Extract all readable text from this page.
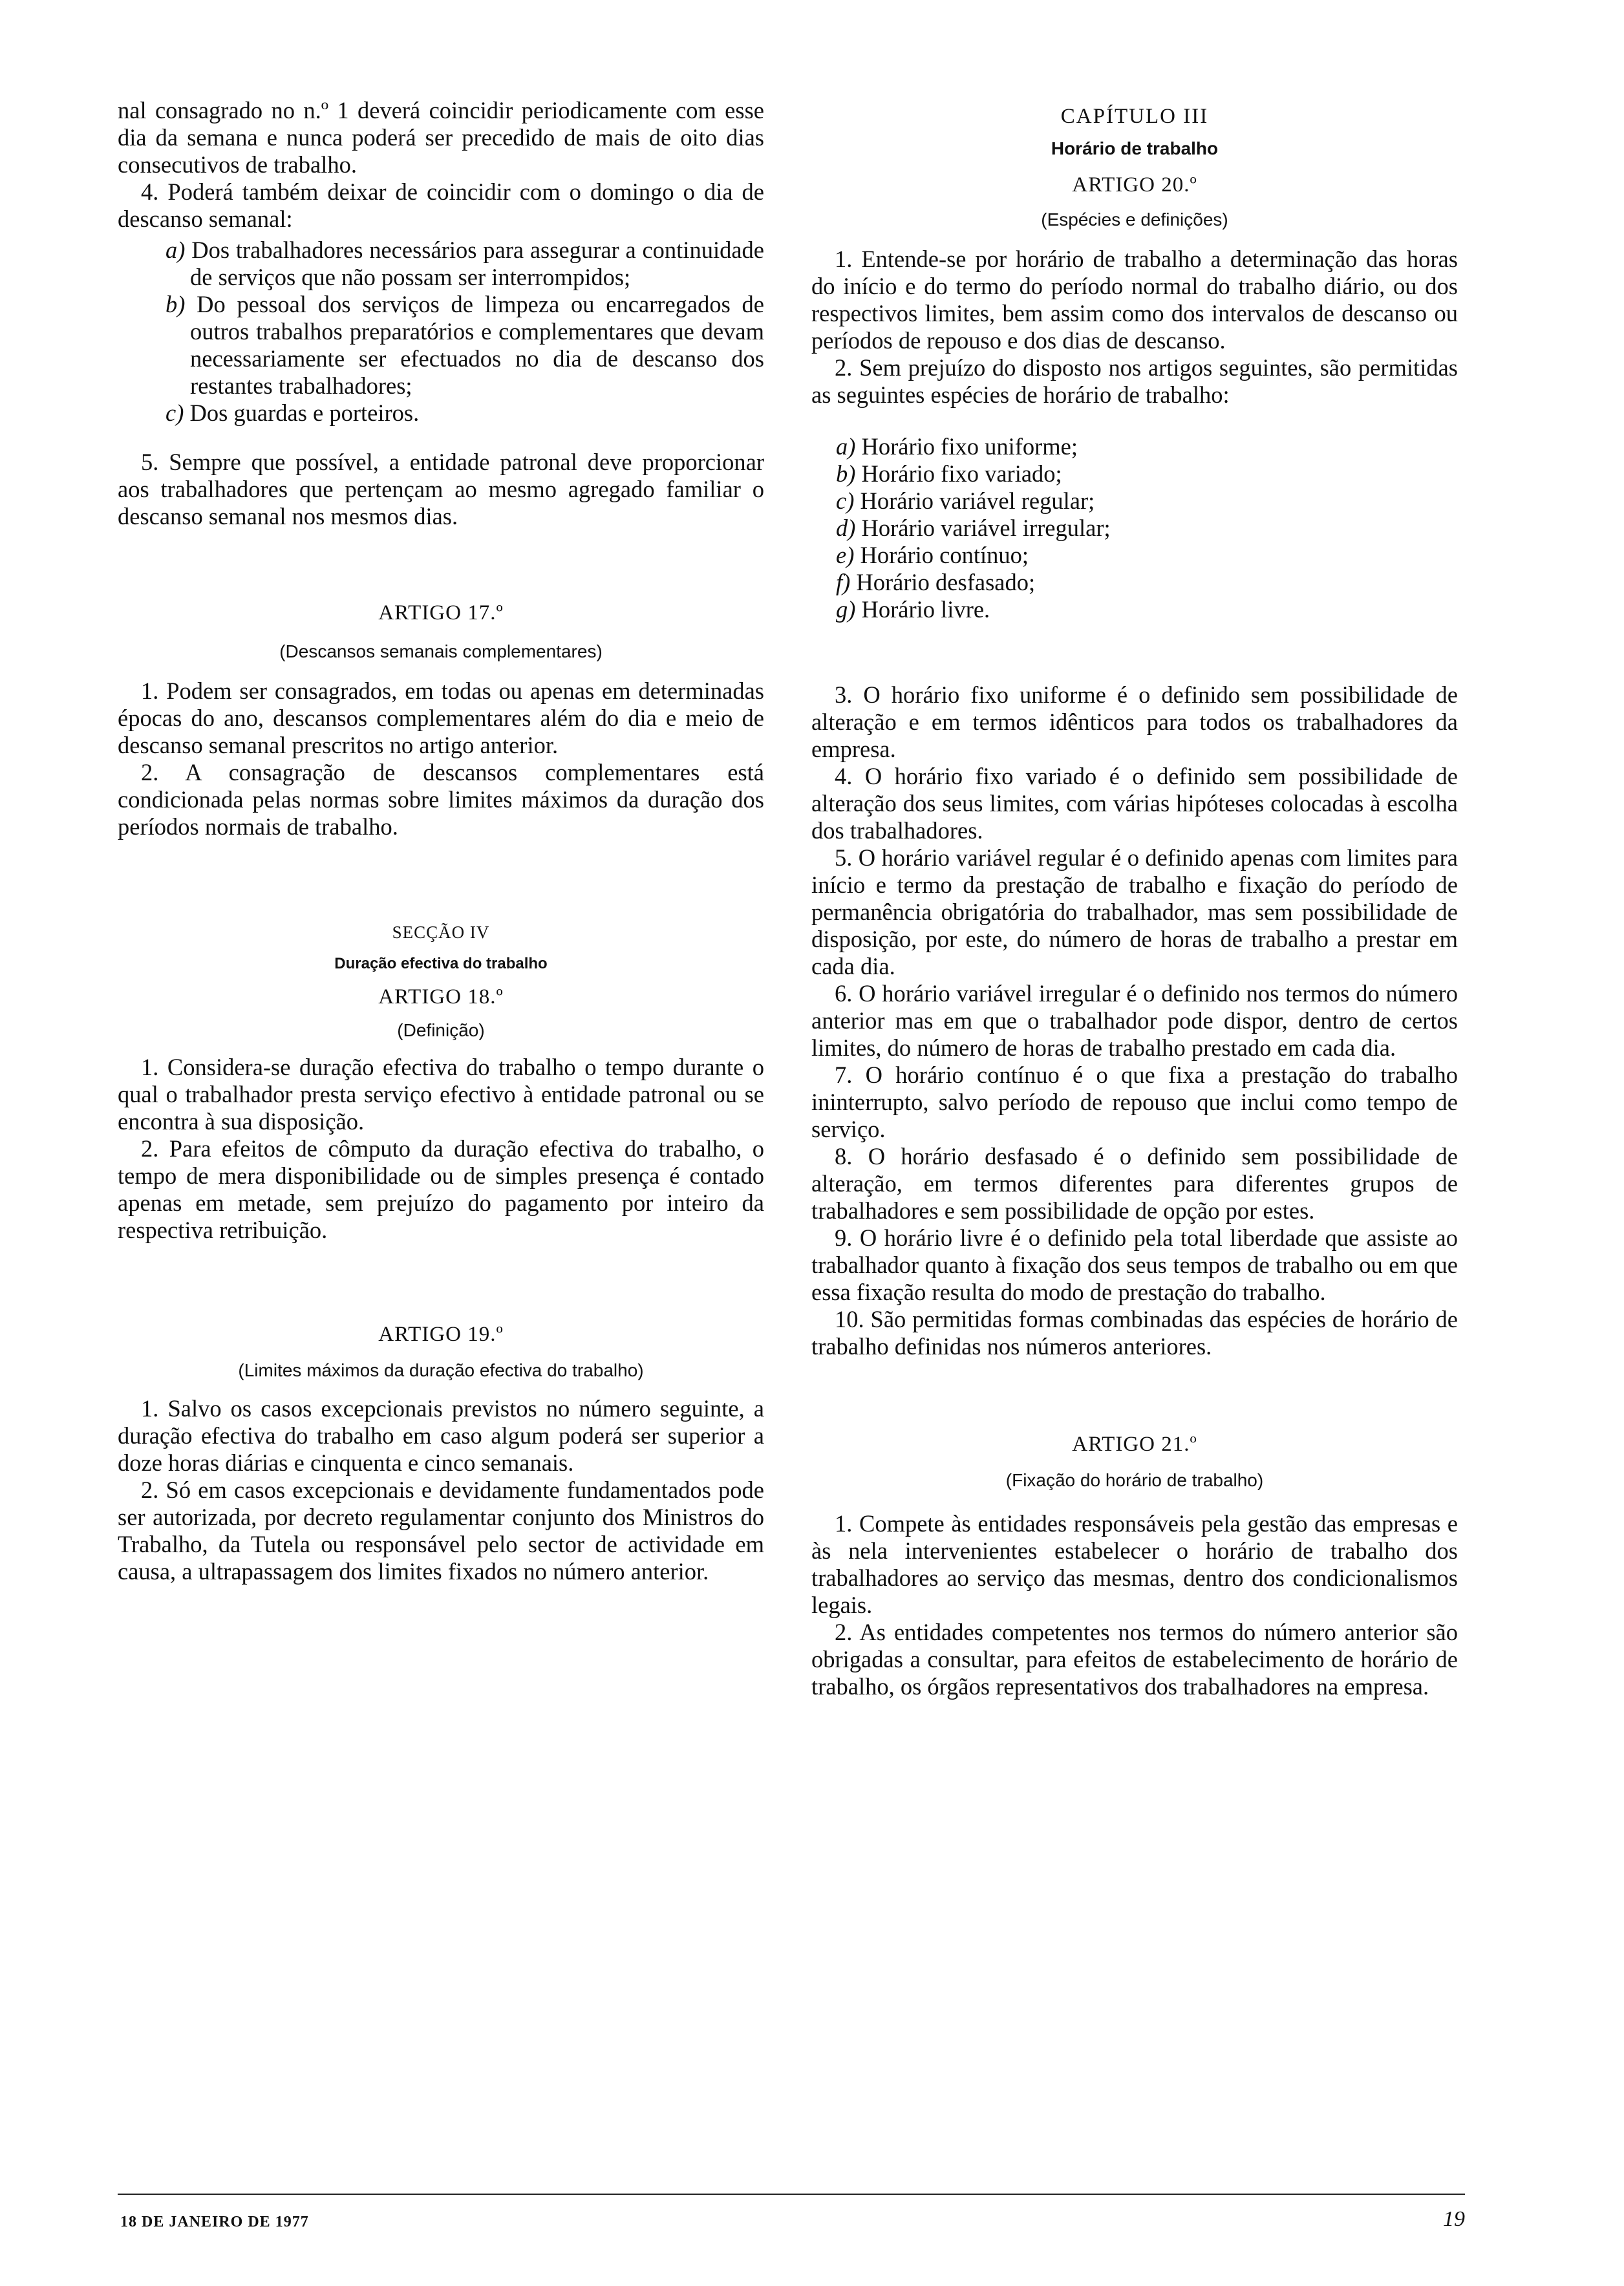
nal consagrado no n.º 1 deverá coincidir periodicamente com esse dia da semana e nunca poderá ser precedido de mais de oito dias consecutivos de trabalho.

4. Poderá também deixar de coincidir com o domingo o dia de descanso semanal:

a) Dos trabalhadores necessários para assegurar a continuidade de serviços que não possam ser interrompidos;
b) Do pessoal dos serviços de limpeza ou encarregados de outros trabalhos preparatórios e complementares que devam necessariamente ser efectuados no dia de descanso dos restantes trabalhadores;
c) Dos guardas e porteiros.

5. Sempre que possível, a entidade patronal deve proporcionar aos trabalhadores que pertençam ao mesmo agregado familiar o descanso semanal nos mesmos dias.

ARTIGO 17.º

(Descansos semanais complementares)

1. Podem ser consagrados, em todas ou apenas em determinadas épocas do ano, descansos complementares além do dia e meio de descanso semanal prescritos no artigo anterior.

2. A consagração de descansos complementares está condicionada pelas normas sobre limites máximos da duração dos períodos normais de trabalho.

SECÇÃO IV

Duração efectiva do trabalho

ARTIGO 18.º

(Definição)

1. Considera-se duração efectiva do trabalho o tempo durante o qual o trabalhador presta serviço efectivo à entidade patronal ou se encontra à sua disposição.

2. Para efeitos de cômputo da duração efectiva do trabalho, o tempo de mera disponibilidade ou de simples presença é contado apenas em metade, sem prejuízo do pagamento por inteiro da respectiva retribuição.

ARTIGO 19.º

(Limites máximos da duração efectiva do trabalho)

1. Salvo os casos excepcionais previstos no número seguinte, a duração efectiva do trabalho em caso algum poderá ser superior a doze horas diárias e cinquenta e cinco semanais.

2. Só em casos excepcionais e devidamente fundamentados pode ser autorizada, por decreto regulamentar conjunto dos Ministros do Trabalho, da Tutela ou responsável pelo sector de actividade em causa, a ultrapassagem dos limites fixados no número anterior.

CAPÍTULO III

Horário de trabalho

ARTIGO 20.º

(Espécies e definições)

1. Entende-se por horário de trabalho a determinação das horas do início e do termo do período normal do trabalho diário, ou dos respectivos limites, bem assim como dos intervalos de descanso ou períodos de repouso e dos dias de descanso.

2. Sem prejuízo do disposto nos artigos seguintes, são permitidas as seguintes espécies de horário de trabalho:

a) Horário fixo uniforme;
b) Horário fixo variado;
c) Horário variável regular;
d) Horário variável irregular;
e) Horário contínuo;
f) Horário desfasado;
g) Horário livre.

3. O horário fixo uniforme é o definido sem possibilidade de alteração e em termos idênticos para todos os trabalhadores da empresa.

4. O horário fixo variado é o definido sem possibilidade de alteração dos seus limites, com várias hipóteses colocadas à escolha dos trabalhadores.

5. O horário variável regular é o definido apenas com limites para início e termo da prestação de trabalho e fixação do período de permanência obrigatória do trabalhador, mas sem possibilidade de disposição, por este, do número de horas de trabalho a prestar em cada dia.

6. O horário variável irregular é o definido nos termos do número anterior mas em que o trabalhador pode dispor, dentro de certos limites, do número de horas de trabalho prestado em cada dia.

7. O horário contínuo é o que fixa a prestação do trabalho ininterrupto, salvo período de repouso que inclui como tempo de serviço.

8. O horário desfasado é o definido sem possibilidade de alteração, em termos diferentes para diferentes grupos de trabalhadores e sem possibilidade de opção por estes.

9. O horário livre é o definido pela total liberdade que assiste ao trabalhador quanto à fixação dos seus tempos de trabalho ou em que essa fixação resulta do modo de prestação do trabalho.

10. São permitidas formas combinadas das espécies de horário de trabalho definidas nos números anteriores.

ARTIGO 21.º

(Fixação do horário de trabalho)

1. Compete às entidades responsáveis pela gestão das empresas e às nela intervenientes estabelecer o horário de trabalho dos trabalhadores ao serviço das mesmas, dentro dos condicionalismos legais.

2. As entidades competentes nos termos do número anterior são obrigadas a consultar, para efeitos de estabelecimento de horário de trabalho, os órgãos representativos dos trabalhadores na empresa.

18 DE JANEIRO DE 1977	19
